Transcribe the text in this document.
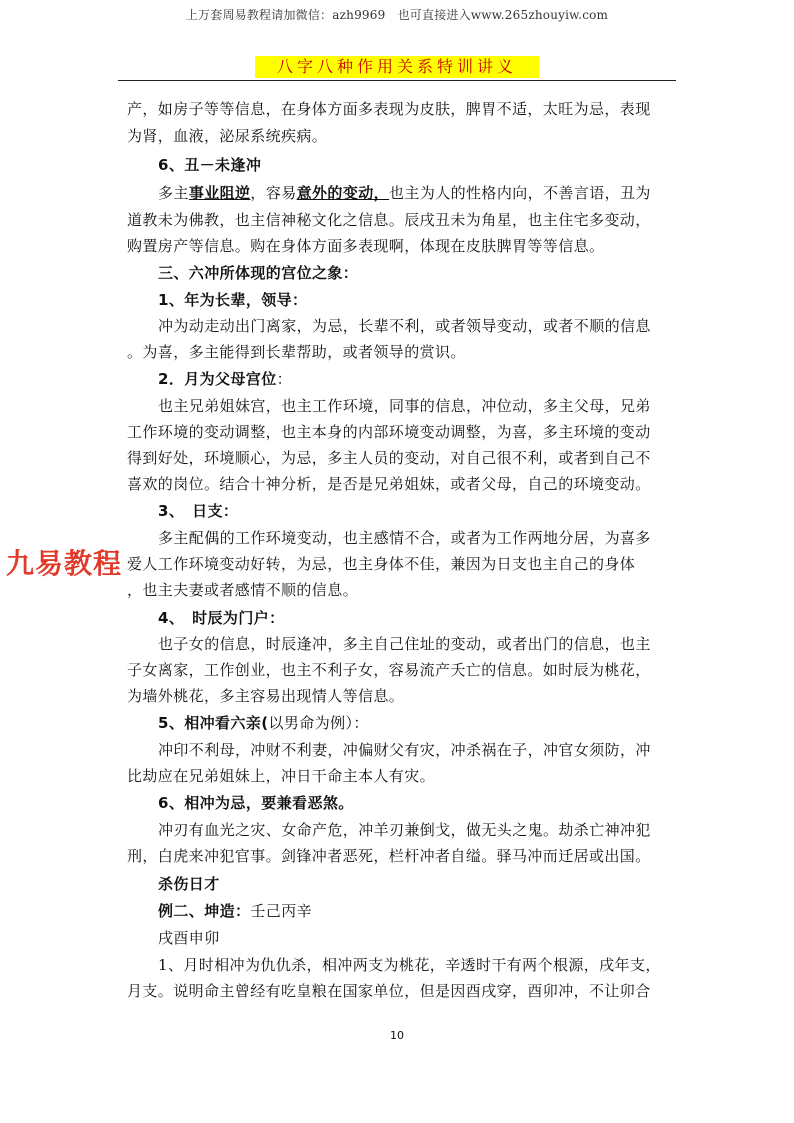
上万套周易教程请加微信：azh9969　也可直接进入www.265zhouyiw.com
八字八种作用关系特训讲义
九易教程
产，如房子等等信息，在身体方面多表现为皮肤，脾胃不适，太旺为忌，表现
为肾，血液，泌尿系统疾病。
6、丑－未逢冲
多主事业阻逆，容易意外的变动，也主为人的性格内向，不善言语，丑为
道教未为佛教，也主信神秘文化之信息。辰戌丑未为角星，也主住宅多变动，
购置房产等信息。购在身体方面多表现啊，体现在皮肤脾胃等等信息。
三、六冲所体现的宫位之象：
1、年为长辈，领导：
冲为动走动出门离家，为忌，长辈不利，或者领导变动，或者不顺的信息
。为喜，多主能得到长辈帮助，或者领导的赏识。
2．月为父母宫位：
也主兄弟姐妹宫，也主工作环境，同事的信息，冲位动，多主父母，兄弟
工作环境的变动调整，也主本身的内部环境变动调整，为喜，多主环境的变动
得到好处，环境顺心，为忌，多主人员的变动，对自己很不利，或者到自己不
喜欢的岗位。结合十神分析，是否是兄弟姐妹，或者父母，自己的环境变动。
3、　日支：
多主配偶的工作环境变动，也主感情不合，或者为工作两地分居，为喜多
爱人工作环境变动好转，为忌，也主身体不佳，兼因为日支也主自己的身体
，也主夫妻或者感情不顺的信息。
4、　时辰为门户：
也子女的信息，时辰逢冲，多主自己住址的变动，或者出门的信息，也主
子女离家，工作创业，也主不利子女，容易流产夭亡的信息。如时辰为桃花，
为墙外桃花，多主容易出现情人等信息。
5、相冲看六亲(以男命为例）：
冲印不利母，冲财不利妻，冲偏财父有灾，冲杀祸在子，冲官女须防，冲
比劫应在兄弟姐妹上，冲日干命主本人有灾。
6、相冲为忌，要兼看恶煞。
冲刃有血光之灾、女命产危，冲羊刃兼倒戈，做无头之鬼。劫杀亡神冲犯
刑，白虎来冲犯官事。剑锋冲者恶死，栏杆冲者自缢。驿马冲而迁居或出国。
杀伤日才
例二、坤造：壬己丙辛
戌酉申卯
1、月时相冲为仇仇杀，相冲两支为桃花，辛透时干有两个根源，戌年支，
月支。说明命主曾经有吃皇粮在国家单位，但是因酉戌穿，酉卯冲，不让卯合
10
